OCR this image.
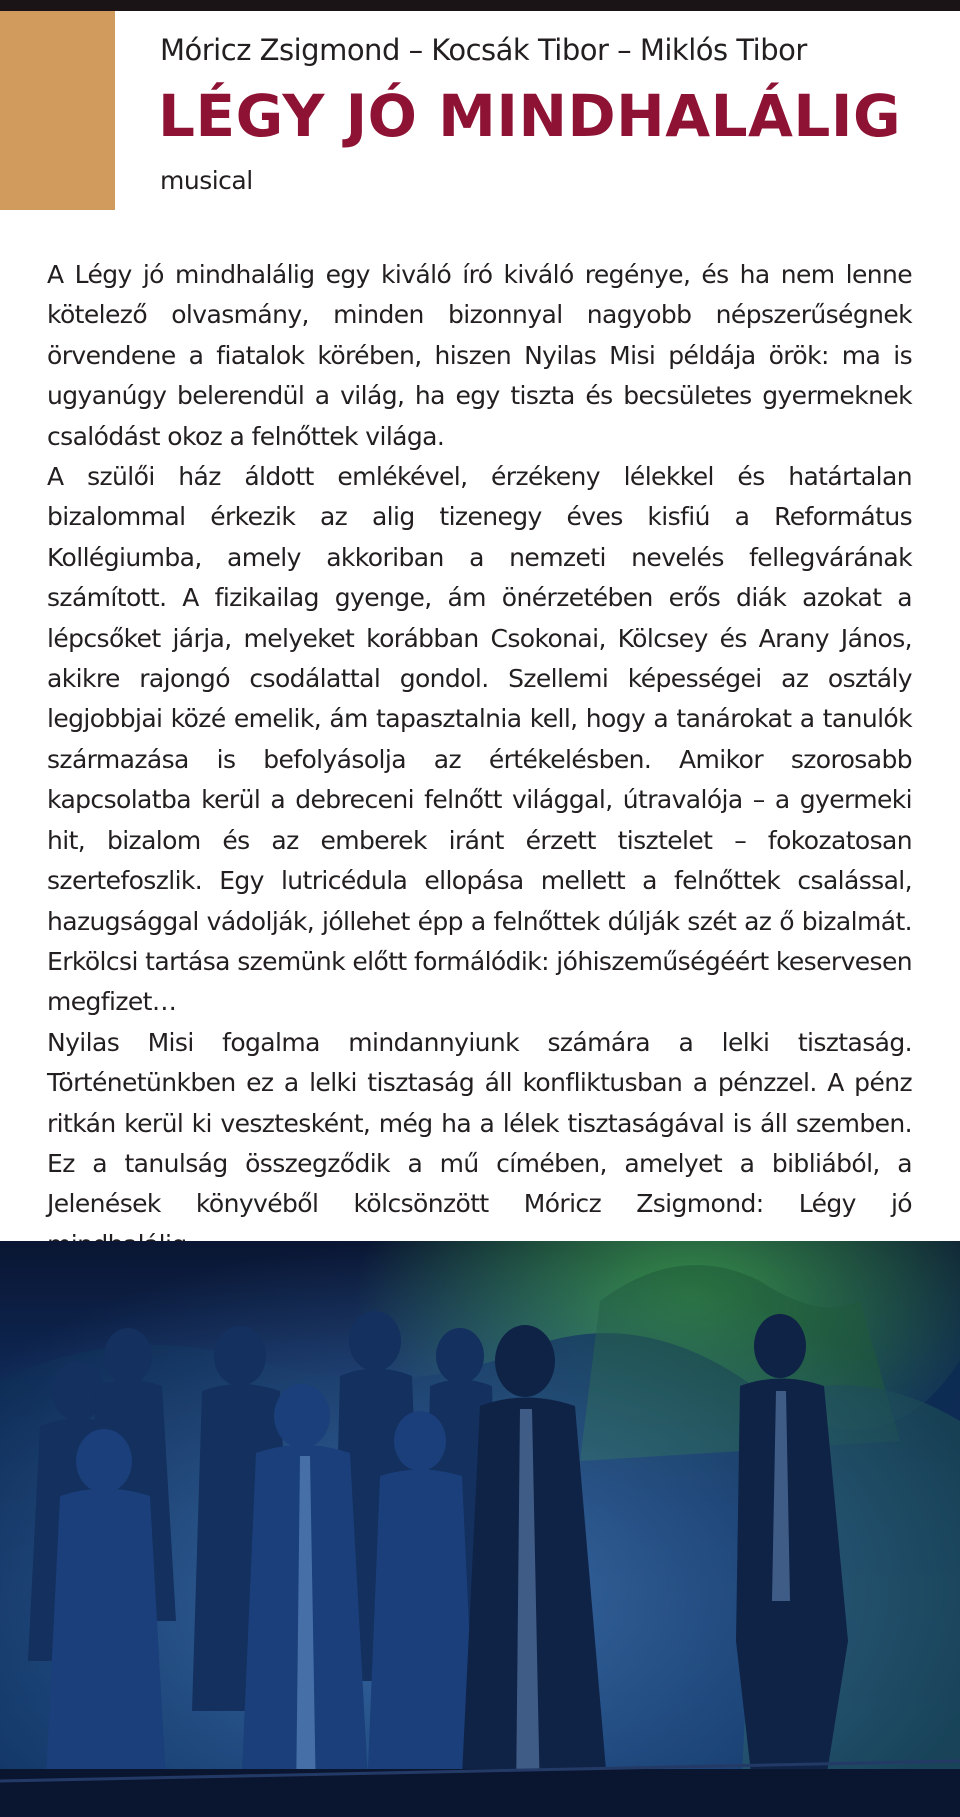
Móricz Zsigmond – Kocsák Tibor – Miklós Tibor
LÉGY JÓ MINDHALÁLIG
musical

A Légy jó mindhalálig egy kiváló író kiváló regénye, és ha nem lenne kötelező olvasmány, minden bizonnyal nagyobb népszerűségnek örvendene a fiatalok körében, hiszen Nyilas Misi példája örök: ma is ugyanúgy belerendül a világ, ha egy tiszta és becsületes gyermeknek csalódást okoz a felnőttek világa.

A szülői ház áldott emlékével, érzékeny lélekkel és határtalan bizalommal érkezik az alig tizenegy éves kisfiú a Református Kollégiumba, amely akkoriban a nemzeti nevelés fellegvárának számított. A fizikailag gyenge, ám önérzetében erős diák azokat a lépcsőket járja, melyeket korábban Csokonai, Kölcsey és Arany János, akikre rajongó csodálattal gondol. Szellemi képességei az osztály legjobbjai közé emelik, ám tapasztalnia kell, hogy a tanárokat a tanulók származása is befolyásolja az értékelésben. Amikor szorosabb kapcsolatba kerül a debreceni felnőtt világgal, útravalója – a gyermeki hit, bizalom és az emberek iránt érzett tisztelet – fokozatosan szertefoszlik. Egy lutricédula ellopása mellett a felnőttek csalással, hazugsággal vádolják, jóllehet épp a felnőttek dúlják szét az ő bizalmát. Erkölcsi tartása szemünk előtt formálódik: jóhiszeműségéért keservesen megfizet…

Nyilas Misi fogalma mindannyiunk számára a lelki tisztaság. Történetünkben ez a lelki tisztaság áll konfliktusban a pénzzel. A pénz ritkán kerül ki vesztesként, még ha a lélek tisztaságával is áll szemben. Ez a tanulság összegződik a mű címében, amelyet a bibliából, a Jelenések könyvéből kölcsönzött Móricz Zsigmond: Légy jó
